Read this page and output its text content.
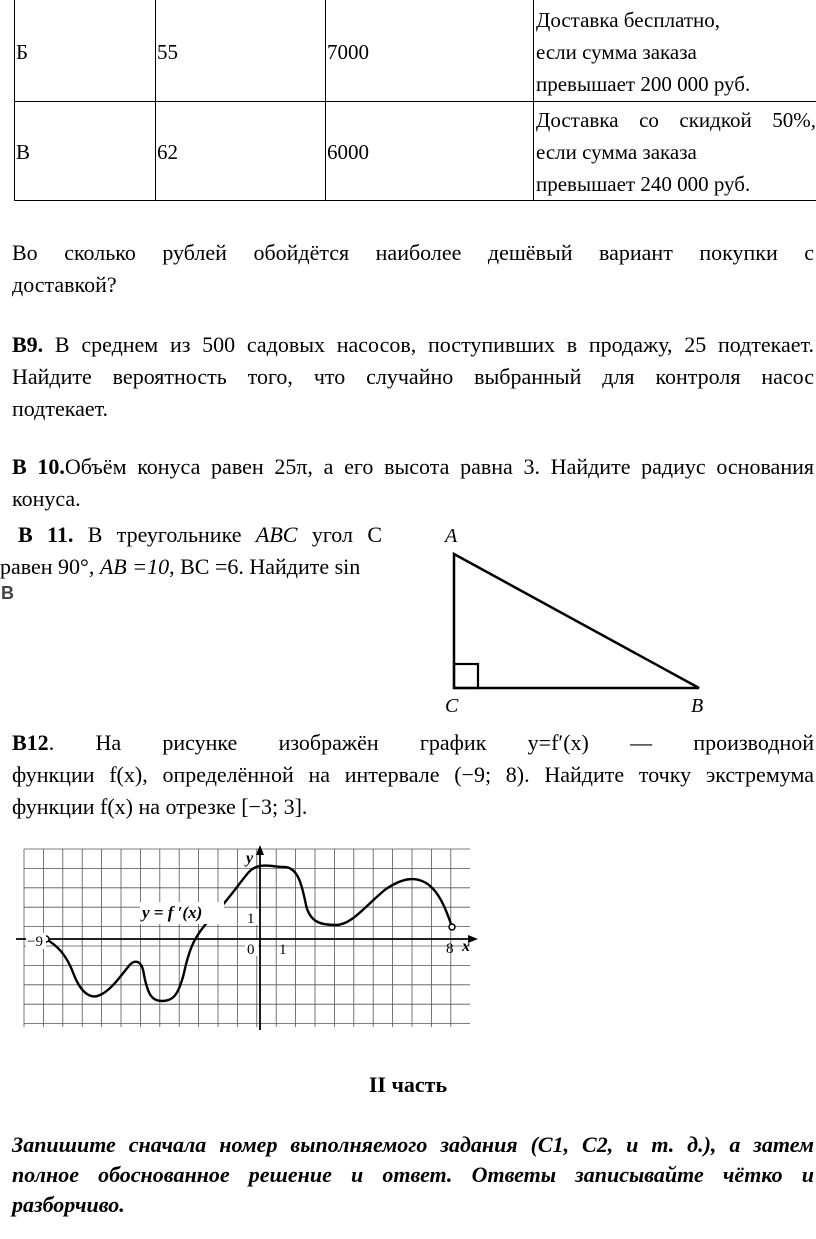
Б	55	7000
Доставка бесплатно,
если сумма заказа
превышает 200 000 руб.
В	62	6000
Доставка со скидкой 50%,
если сумма заказа
превышает 240 000 руб.
Во сколько рублей обойдётся наиболее дешёвый вариант покупки с
доставкой?
B9. В среднем из 500 садовых насосов, поступивших в продажу, 25 подтекает.
Найдите вероятность того, что случайно выбранный для контроля насос
подтекает.
B 10.Объём конуса равен 25π, а его высота равна 3. Найдите радиус основания
конуса.
B 11. В треугольнике ABC угол C
равен 90°, AB =10, BC =6. Найдите sin
B
A
C	B
B12. На рисунке изображён график y=f′(x) — производной
функции f(x), определённой на интервале (−9; 8). Найдите точку экстремума
функции f(x) на отрезке [−3; 3].
y = f ′(x)
y
x
1
0 1
−9	8
II часть
Запишите сначала номер выполняемого задания (C1, C2, и т. д.), а затем
полное обоснованное решение и ответ. Ответы записывайте чётко и
разборчиво.
